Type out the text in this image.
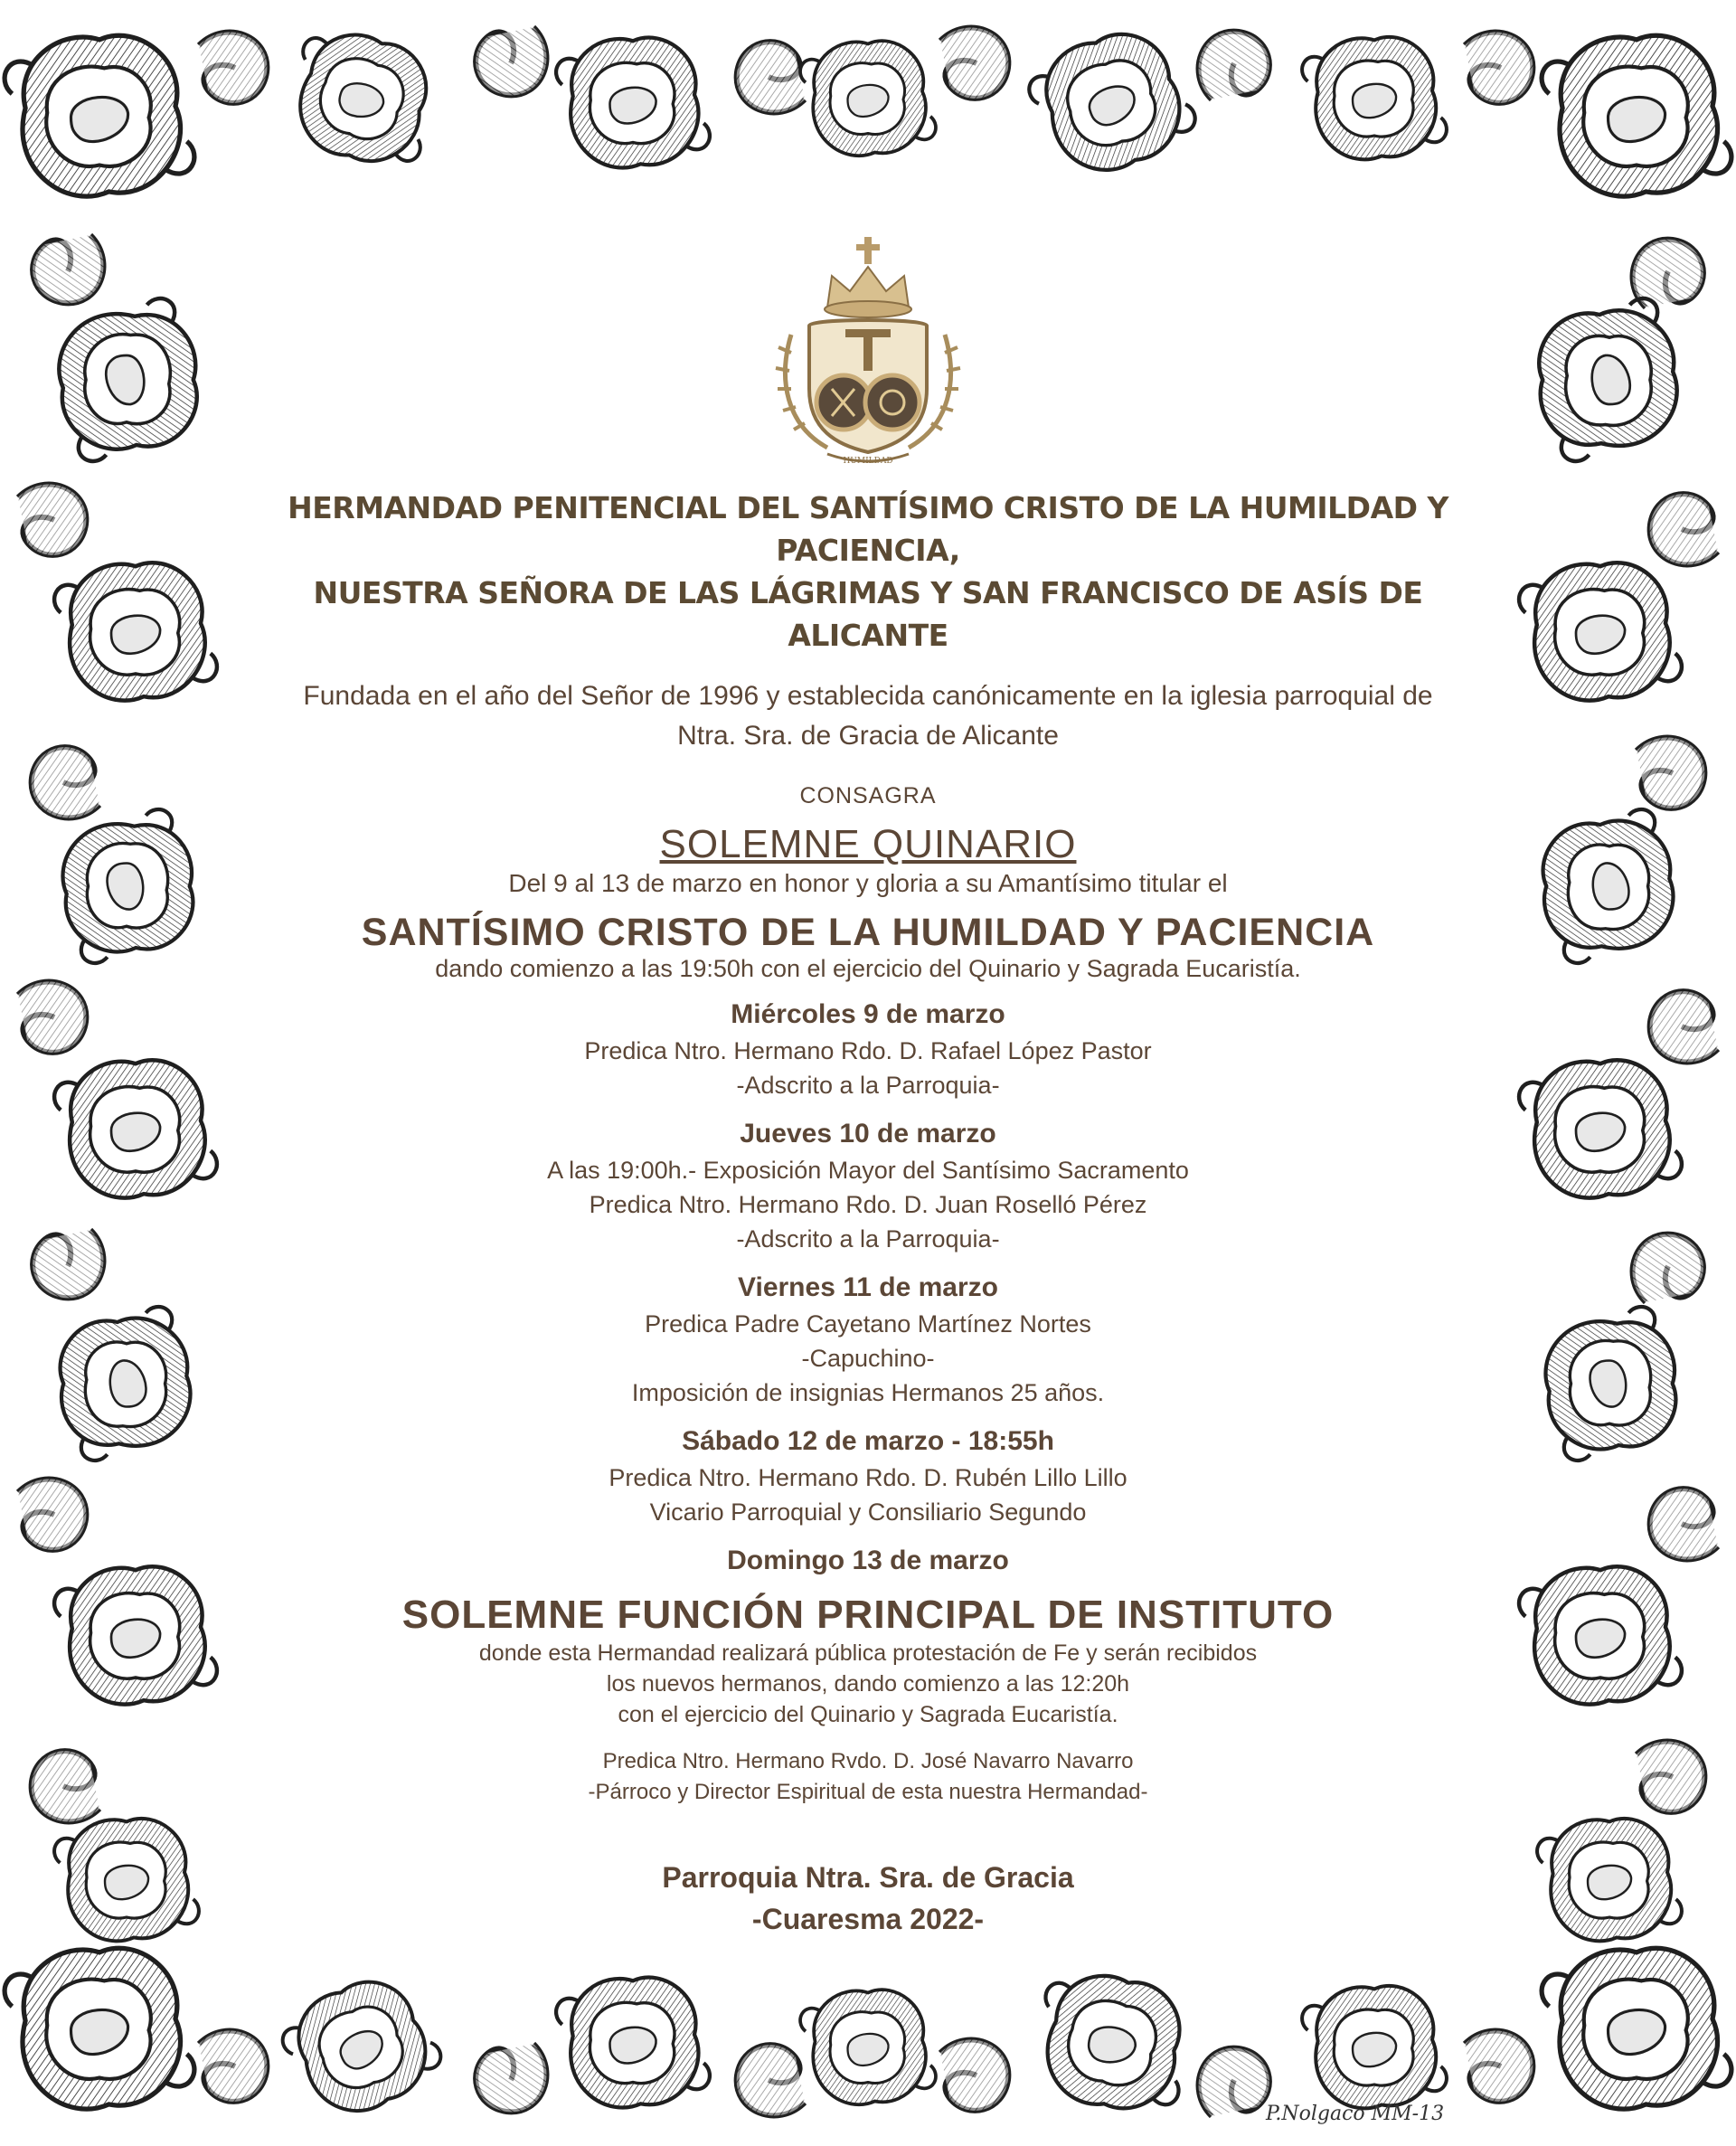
HUMILDAD
HERMANDAD PENITENCIAL DEL SANTÍSIMO CRISTO DE LA HUMILDAD Y PACIENCIA,
NUESTRA SEÑORA DE LAS LÁGRIMAS Y SAN FRANCISCO DE ASÍS DE ALICANTE
Fundada en el año del Señor de 1996 y establecida canónicamente en la iglesia parroquial de
Ntra. Sra. de Gracia de Alicante
CONSAGRA
SOLEMNE QUINARIO
Del 9 al 13 de marzo en honor y gloria a su Amantísimo titular el
SANTÍSIMO CRISTO DE LA HUMILDAD Y PACIENCIA
dando comienzo a las 19:50h con el ejercicio del Quinario y Sagrada Eucaristía.
Miércoles 9 de marzo
Predica Ntro. Hermano Rdo. D. Rafael López Pastor
-Adscrito a la Parroquia-
Jueves 10 de marzo
A las 19:00h.- Exposición Mayor del Santísimo Sacramento
Predica Ntro. Hermano Rdo. D. Juan Roselló Pérez
-Adscrito a la Parroquia-
Viernes 11 de marzo
Predica Padre Cayetano Martínez Nortes
-Capuchino-
Imposición de insignias Hermanos 25 años.
Sábado 12 de marzo - 18:55h
Predica Ntro. Hermano Rdo. D. Rubén Lillo Lillo
Vicario Parroquial y Consiliario Segundo
Domingo 13 de marzo
SOLEMNE FUNCIÓN PRINCIPAL DE INSTITUTO
donde esta Hermandad realizará pública protestación de Fe y serán recibidos
los nuevos hermanos, dando comienzo a las 12:20h
con el ejercicio del Quinario y Sagrada Eucaristía.
Predica Ntro. Hermano Rvdo. D. José Navarro Navarro
-Párroco y Director Espiritual de esta nuestra Hermandad-
Parroquia Ntra. Sra. de Gracia
-Cuaresma 2022-
P.Nolgaco MM-13
